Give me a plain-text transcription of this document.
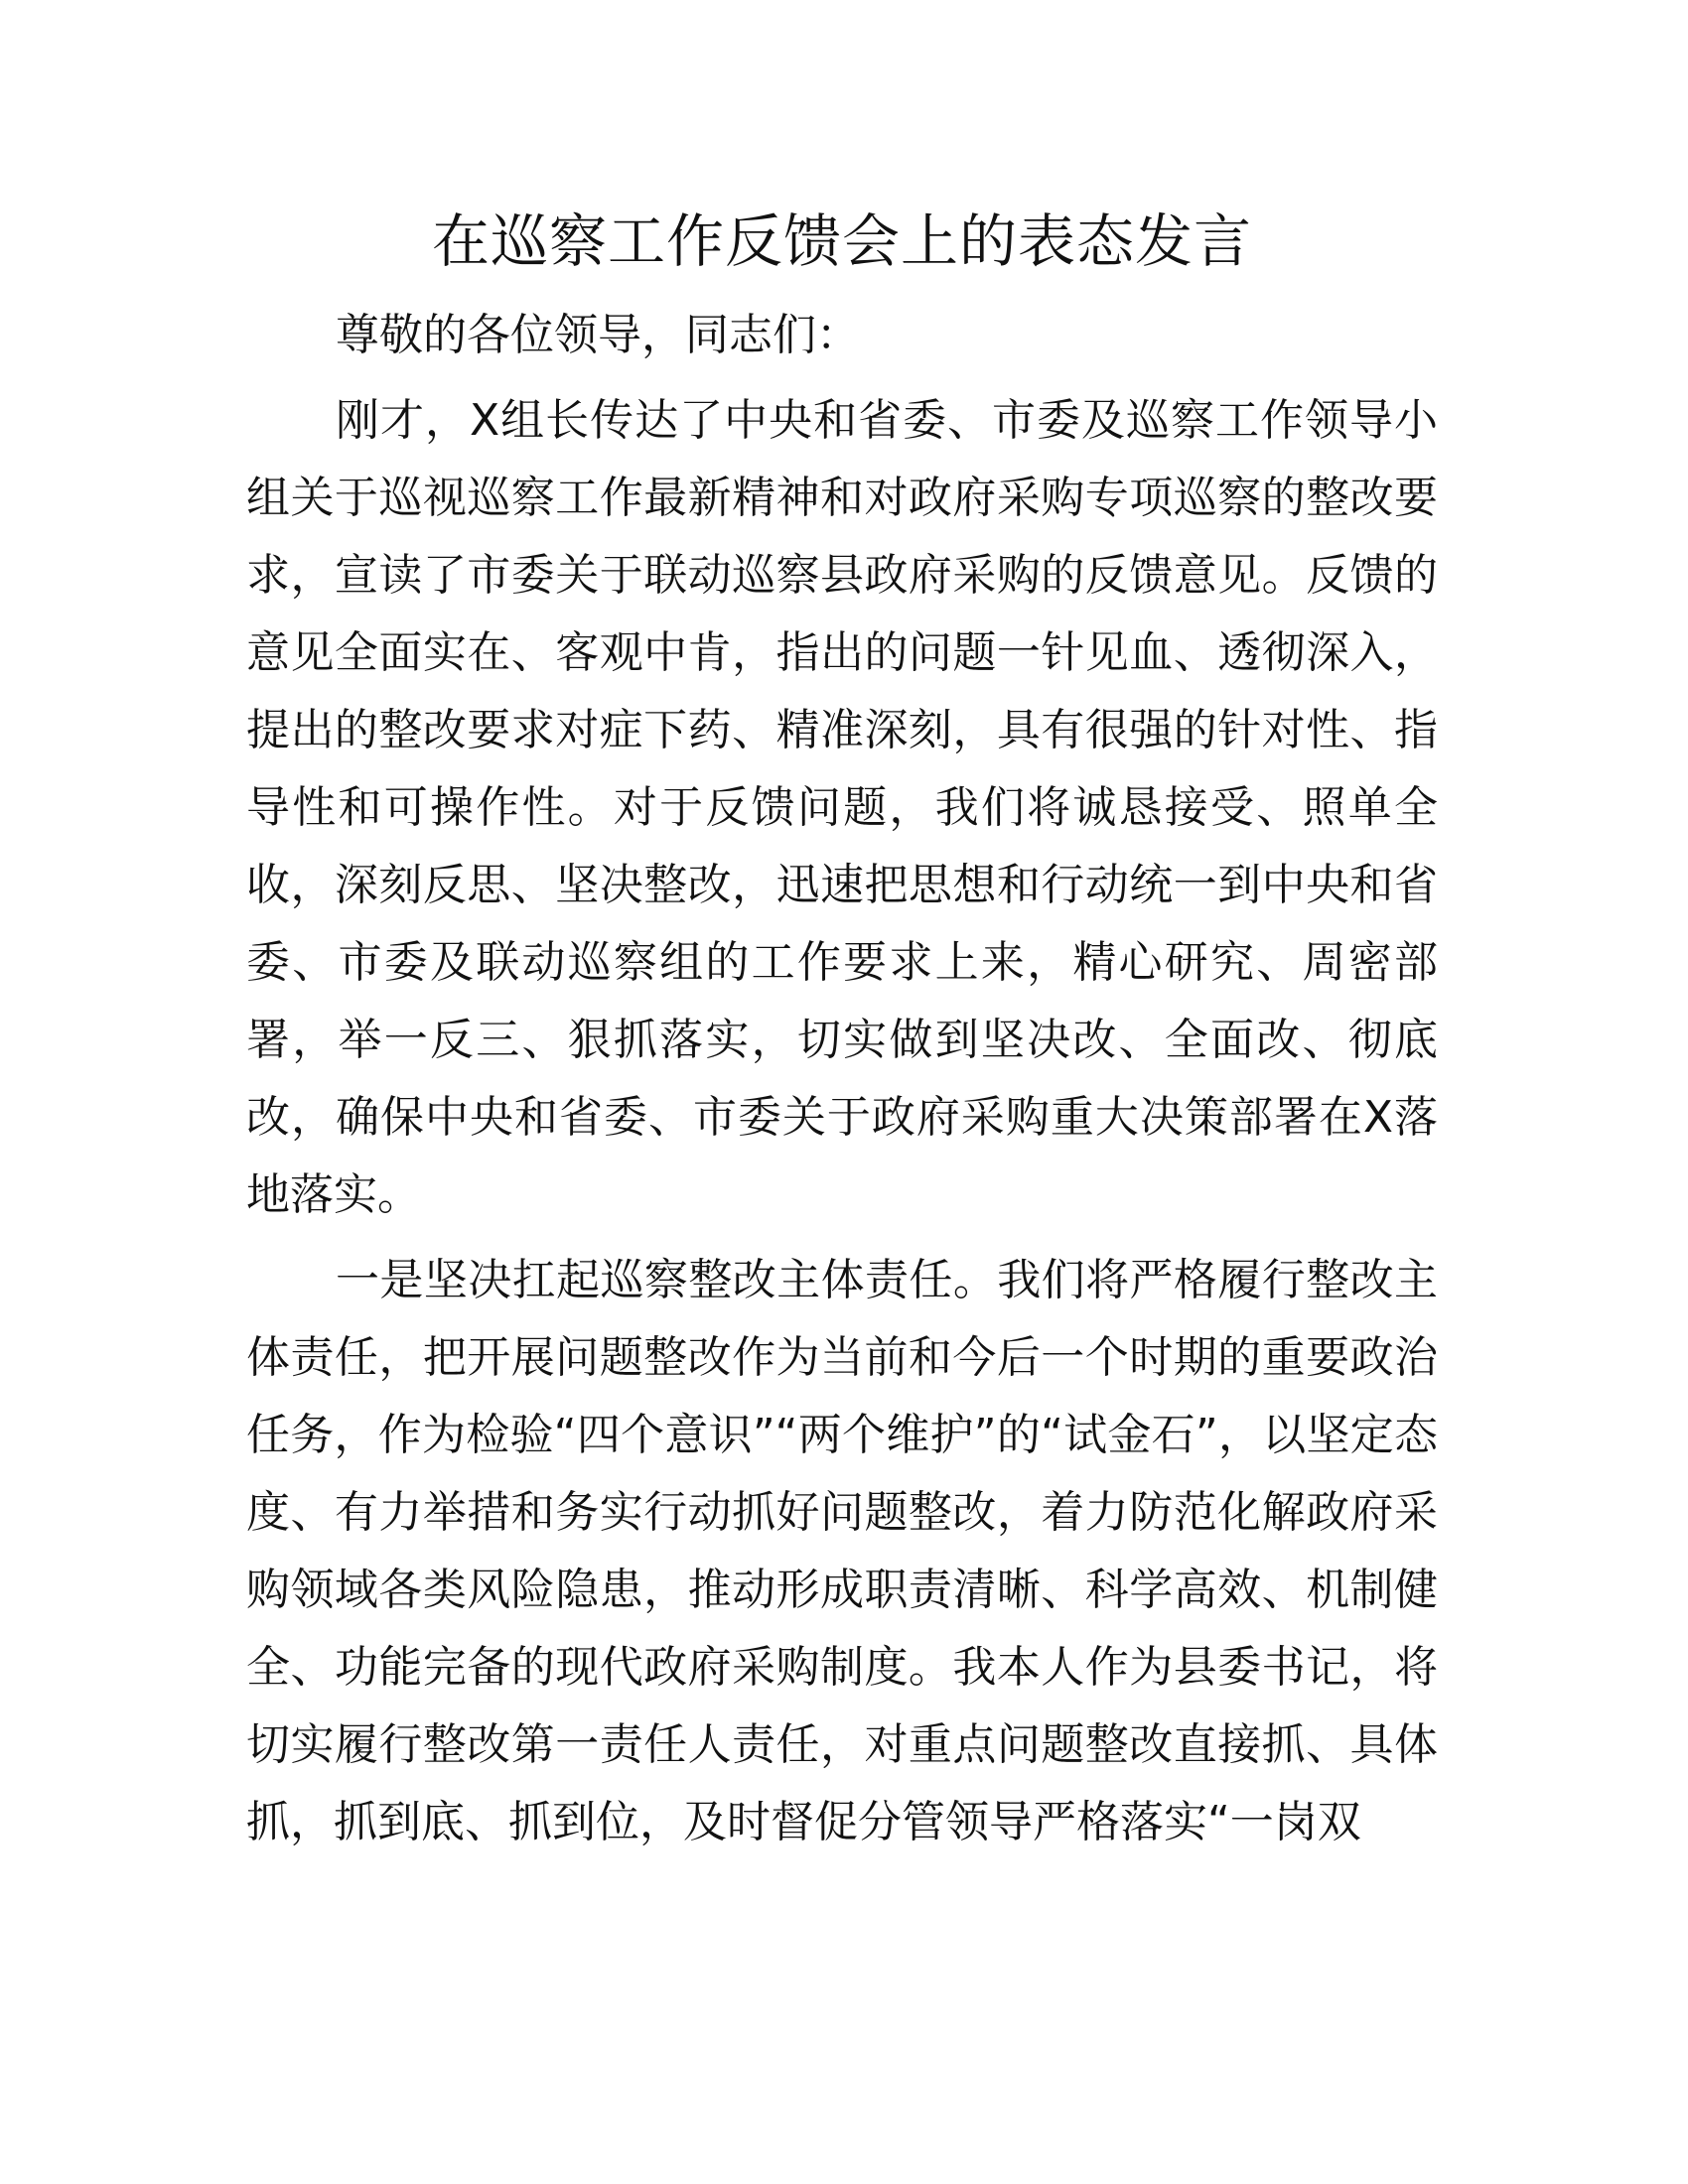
在巡察工作反馈会上的表态发言

尊敬的各位领导，同志们：

刚才，X组长传达了中央和省委、市委及巡察工作领导小组关于巡视巡察工作最新精神和对政府采购专项巡察的整改要求，宣读了市委关于联动巡察县政府采购的反馈意见。反馈的意见全面实在、客观中肯，指出的问题一针见血、透彻深入，提出的整改要求对症下药、精准深刻，具有很强的针对性、指导性和可操作性。对于反馈问题，我们将诚恳接受、照单全收，深刻反思、坚决整改，迅速把思想和行动统一到中央和省委、市委及联动巡察组的工作要求上来，精心研究、周密部署，举一反三、狠抓落实，切实做到坚决改、全面改、彻底改，确保中央和省委、市委关于政府采购重大决策部署在X落地落实。

一是坚决扛起巡察整改主体责任。我们将严格履行整改主体责任，把开展问题整改作为当前和今后一个时期的重要政治任务，作为检验“四个意识”“两个维护”的“试金石”，以坚定态度、有力举措和务实行动抓好问题整改，着力防范化解政府采购领域各类风险隐患，推动形成职责清晰、科学高效、机制健全、功能完备的现代政府采购制度。我本人作为县委书记，将切实履行整改第一责任人责任，对重点问题整改直接抓、具体抓，抓到底、抓到位，及时督促分管领导严格落实“一岗双
